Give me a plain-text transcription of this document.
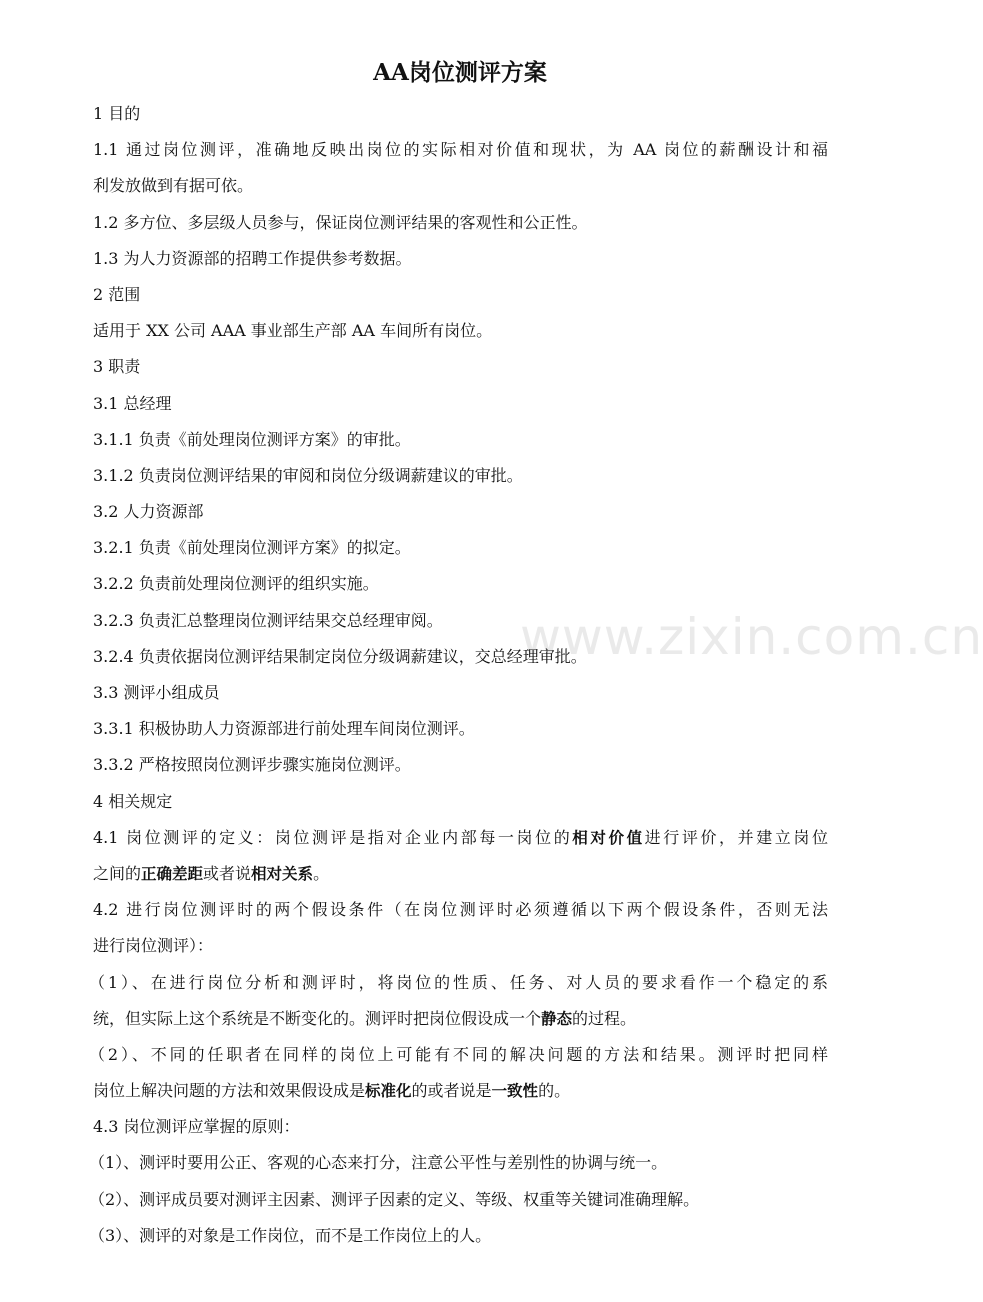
www.zixin.com.cn
AA岗位测评方案
1 目的
1.1 通过岗位测评，准确地反映出岗位的实际相对价值和现状，为 AA 岗位的薪酬设计和福
利发放做到有据可依。
1.2 多方位、多层级人员参与，保证岗位测评结果的客观性和公正性。
1.3 为人力资源部的招聘工作提供参考数据。
2 范围
适用于 XX 公司 AAA 事业部生产部 AA 车间所有岗位。
3 职责
3.1 总经理
3.1.1 负责《前处理岗位测评方案》的审批。
3.1.2 负责岗位测评结果的审阅和岗位分级调薪建议的审批。
3.2 人力资源部
3.2.1 负责《前处理岗位测评方案》的拟定。
3.2.2 负责前处理岗位测评的组织实施。
3.2.3 负责汇总整理岗位测评结果交总经理审阅。
3.2.4 负责依据岗位测评结果制定岗位分级调薪建议，交总经理审批。
3.3 测评小组成员
3.3.1 积极协助人力资源部进行前处理车间岗位测评。
3.3.2 严格按照岗位测评步骤实施岗位测评。
4 相关规定
4.1 岗位测评的定义：岗位测评是指对企业内部每一岗位的相对价值进行评价，并建立岗位
之间的正确差距或者说相对关系。
4.2 进行岗位测评时的两个假设条件（在岗位测评时必须遵循以下两个假设条件，否则无法
进行岗位测评）：
（1）、在进行岗位分析和测评时，将岗位的性质、任务、对人员的要求看作一个稳定的系
统，但实际上这个系统是不断变化的。测评时把岗位假设成一个静态的过程。
（2）、不同的任职者在同样的岗位上可能有不同的解决问题的方法和结果。测评时把同样
岗位上解决问题的方法和效果假设成是标准化的或者说是一致性的。
4.3 岗位测评应掌握的原则：
（1）、测评时要用公正、客观的心态来打分，注意公平性与差别性的协调与统一。
（2）、测评成员要对测评主因素、测评子因素的定义、等级、权重等关键词准确理解。
（3）、测评的对象是工作岗位，而不是工作岗位上的人。
